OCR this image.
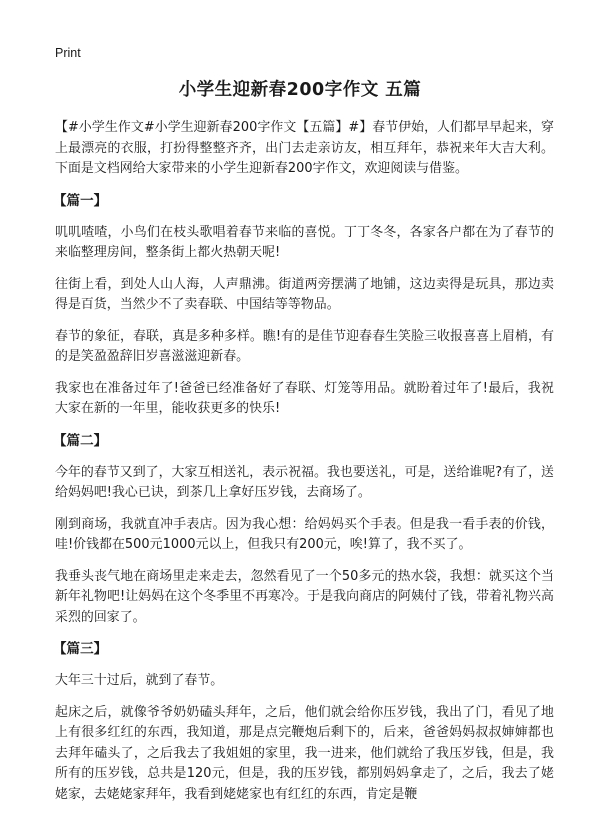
Print
小学生迎新春200字作文 五篇

【#小学生作文#小学生迎新春200字作文【五篇】#】春节伊始，人们都早早起来，穿上最漂亮的衣服，打扮得整整齐齐，出门去走亲访友，相互拜年，恭祝来年大吉大利。下面是文档网给大家带来的小学生迎新春200字作文，欢迎阅读与借鉴。

【篇一】

叽叽喳喳，小鸟们在枝头歌唱着春节来临的喜悦。丁丁冬冬，各家各户都在为了春节的来临整理房间，整条街上都火热朝天呢!

往街上看，到处人山人海，人声鼎沸。街道两旁摆满了地铺，这边卖得是玩具，那边卖得是百货，当然少不了卖春联、中国结等等物品。

春节的象征，春联，真是多种多样。瞧!有的是佳节迎春春生笑脸三收报喜喜上眉梢，有的是笑盈盈辞旧岁喜滋滋迎新春。

我家也在准备过年了!爸爸已经准备好了春联、灯笼等用品。就盼着过年了!最后，我祝大家在新的一年里，能收获更多的快乐!

【篇二】

今年的春节又到了，大家互相送礼，表示祝福。我也要送礼，可是，送给谁呢?有了，送给妈妈吧!我心已诀，到茶几上拿好压岁钱，去商场了。

刚到商场，我就直冲手表店。因为我心想：给妈妈买个手表。但是我一看手表的价钱，哇!价钱都在500元1000元以上，但我只有200元，唉!算了，我不买了。

我垂头丧气地在商场里走来走去，忽然看见了一个50多元的热水袋，我想：就买这个当新年礼物吧!让妈妈在这个冬季里不再寒冷。于是我向商店的阿姨付了钱，带着礼物兴高采烈的回家了。

【篇三】

大年三十过后，就到了春节。

起床之后，就像爷爷奶奶磕头拜年，之后，他们就会给你压岁钱，我出了门，看见了地上有很多红红的东西，我知道，那是点完鞭炮后剩下的，后来，爸爸妈妈叔叔婶婶都也去拜年磕头了，之后我去了我姐姐的家里，我一进来，他们就给了我压岁钱，但是，我所有的压岁钱，总共是120元，但是，我的压岁钱，都别妈妈拿走了，之后，我去了姥姥家，去姥姥家拜年，我看到姥姥家也有红红的东西，肯定是鞭
